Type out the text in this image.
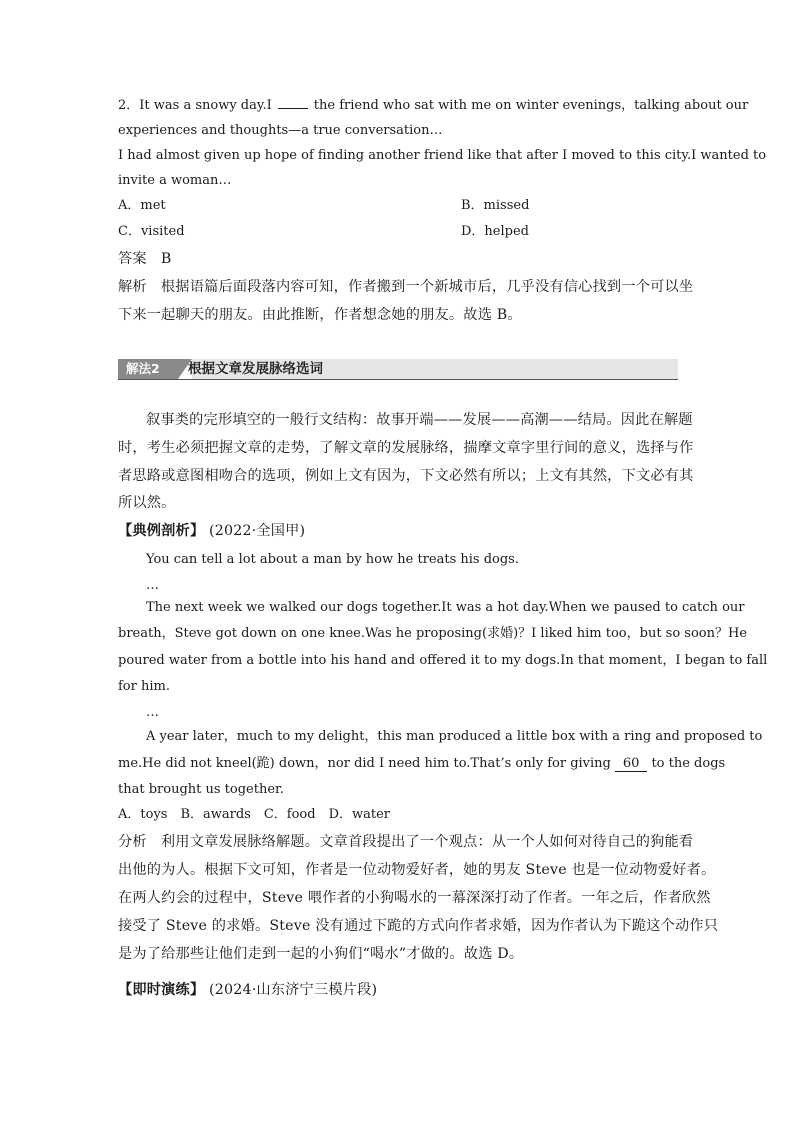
2．It was a snowy day.I	the friend who sat with me on winter evenings，talking about our
experiences and thoughts—a true conversation…
I had almost given up hope of finding another friend like that after I moved to this city.I wanted to
invite a woman…
A．met	B．missed
C．visited	D．helped
答案 B
解析 根据语篇后面段落内容可知，作者搬到一个新城市后，几乎没有信心找到一个可以坐
下来一起聊天的朋友。由此推断，作者想念她的朋友。故选 B。
解法2	根据文章发展脉络选词
叙事类的完形填空的一般行文结构：故事开端——发展——高潮——结局。因此在解题
时，考生必须把握文章的走势，了解文章的发展脉络，揣摩文章字里行间的意义，选择与作
者思路或意图相吻合的选项，例如上文有因为，下文必然有所以；上文有其然，下文必有其
所以然。
【典例剖析】 (2022·全国甲)
You can tell a lot about a man by how he treats his dogs.
…
The next week we walked our dogs together.It was a hot day.When we paused to catch our
breath，Steve got down on one knee.Was he proposing(求婚)？I liked him too，but so soon？He
poured water from a bottle into his hand and offered it to my dogs.In that moment，I began to fall
for him.
…
A year later，much to my delight，this man produced a little box with a ring and proposed to
me.He did not kneel(跪) down，nor did I need him to.That’s only for giving 60 to the dogs
that brought us together.
A．toys　B．awards　C．food　D．water
分析 利用文章发展脉络解题。文章首段提出了一个观点：从一个人如何对待自己的狗能看
出他的为人。根据下文可知，作者是一位动物爱好者，她的男友 Steve 也是一位动物爱好者。
在两人约会的过程中，Steve 喂作者的小狗喝水的一幕深深打动了作者。一年之后，作者欣然
接受了 Steve 的求婚。Steve 没有通过下跪的方式向作者求婚，因为作者认为下跪这个动作只
是为了给那些让他们走到一起的小狗们“喝水”才做的。故选 D。
【即时演练】 (2024·山东济宁三模片段)
